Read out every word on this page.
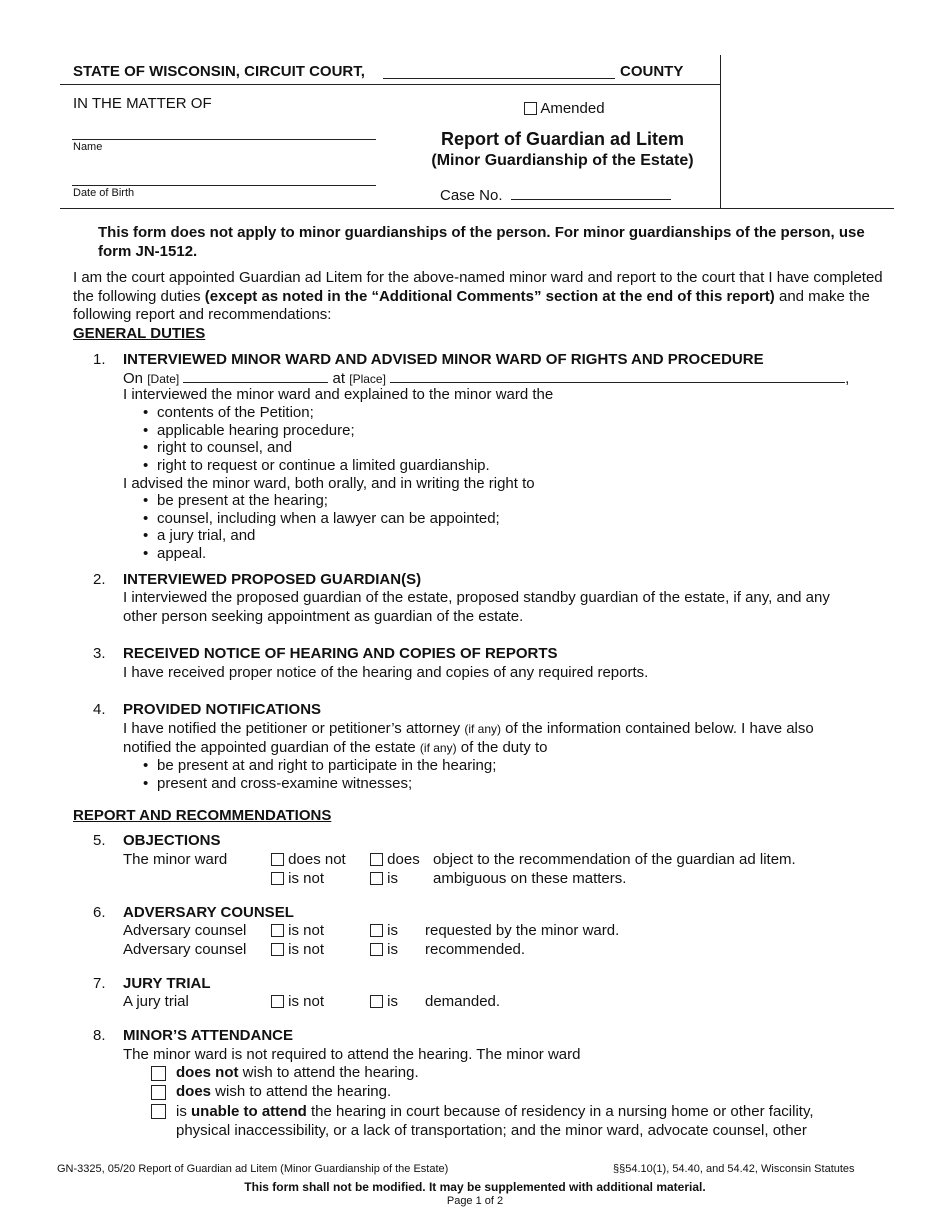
STATE OF WISCONSIN, CIRCUIT COURT,	COUNTY
IN THE MATTER OF	Amended
Report of Guardian ad Litem
(Minor Guardianship of the Estate)
Name
Date of Birth	Case No.
This form does not apply to minor guardianships of the person. For minor guardianships of the person, use form JN-1512.
I am the court appointed Guardian ad Litem for the above-named minor ward and report to the court that I have completed the following duties (except as noted in the “Additional Comments” section at the end of this report) and make the following report and recommendations:
GENERAL DUTIES
1. INTERVIEWED MINOR WARD AND ADVISED MINOR WARD OF RIGHTS AND PROCEDURE
On [Date]	at [Place]	,
I interviewed the minor ward and explained to the minor ward the
• contents of the Petition;
• applicable hearing procedure;
• right to counsel, and
• right to request or continue a limited guardianship.
I advised the minor ward, both orally, and in writing the right to
• be present at the hearing;
• counsel, including when a lawyer can be appointed;
• a jury trial, and
• appeal.
2. INTERVIEWED PROPOSED GUARDIAN(S)
I interviewed the proposed guardian of the estate, proposed standby guardian of the estate, if any, and any other person seeking appointment as guardian of the estate.
3. RECEIVED NOTICE OF HEARING AND COPIES OF REPORTS
I have received proper notice of the hearing and copies of any required reports.
4. PROVIDED NOTIFICATIONS
I have notified the petitioner or petitioner’s attorney (if any) of the information contained below. I have also notified the appointed guardian of the estate (if any) of the duty to
• be present at and right to participate in the hearing;
• present and cross-examine witnesses;
REPORT AND RECOMMENDATIONS
5. OBJECTIONS
The minor ward	does not	does object to the recommendation of the guardian ad litem.
is not	is ambiguous on these matters.
6. ADVERSARY COUNSEL
Adversary counsel	is not	is requested by the minor ward.
Adversary counsel	is not	is recommended.
7. JURY TRIAL
A jury trial	is not	is demanded.
8. MINOR’S ATTENDANCE
The minor ward is not required to attend the hearing. The minor ward
does not wish to attend the hearing.
does wish to attend the hearing.
is unable to attend the hearing in court because of residency in a nursing home or other facility, physical inaccessibility, or a lack of transportation; and the minor ward, advocate counsel, other
GN-3325, 05/20 Report of Guardian ad Litem (Minor Guardianship of the Estate)	§§54.10(1), 54.40, and 54.42, Wisconsin Statutes
This form shall not be modified. It may be supplemented with additional material.
Page 1 of 2
